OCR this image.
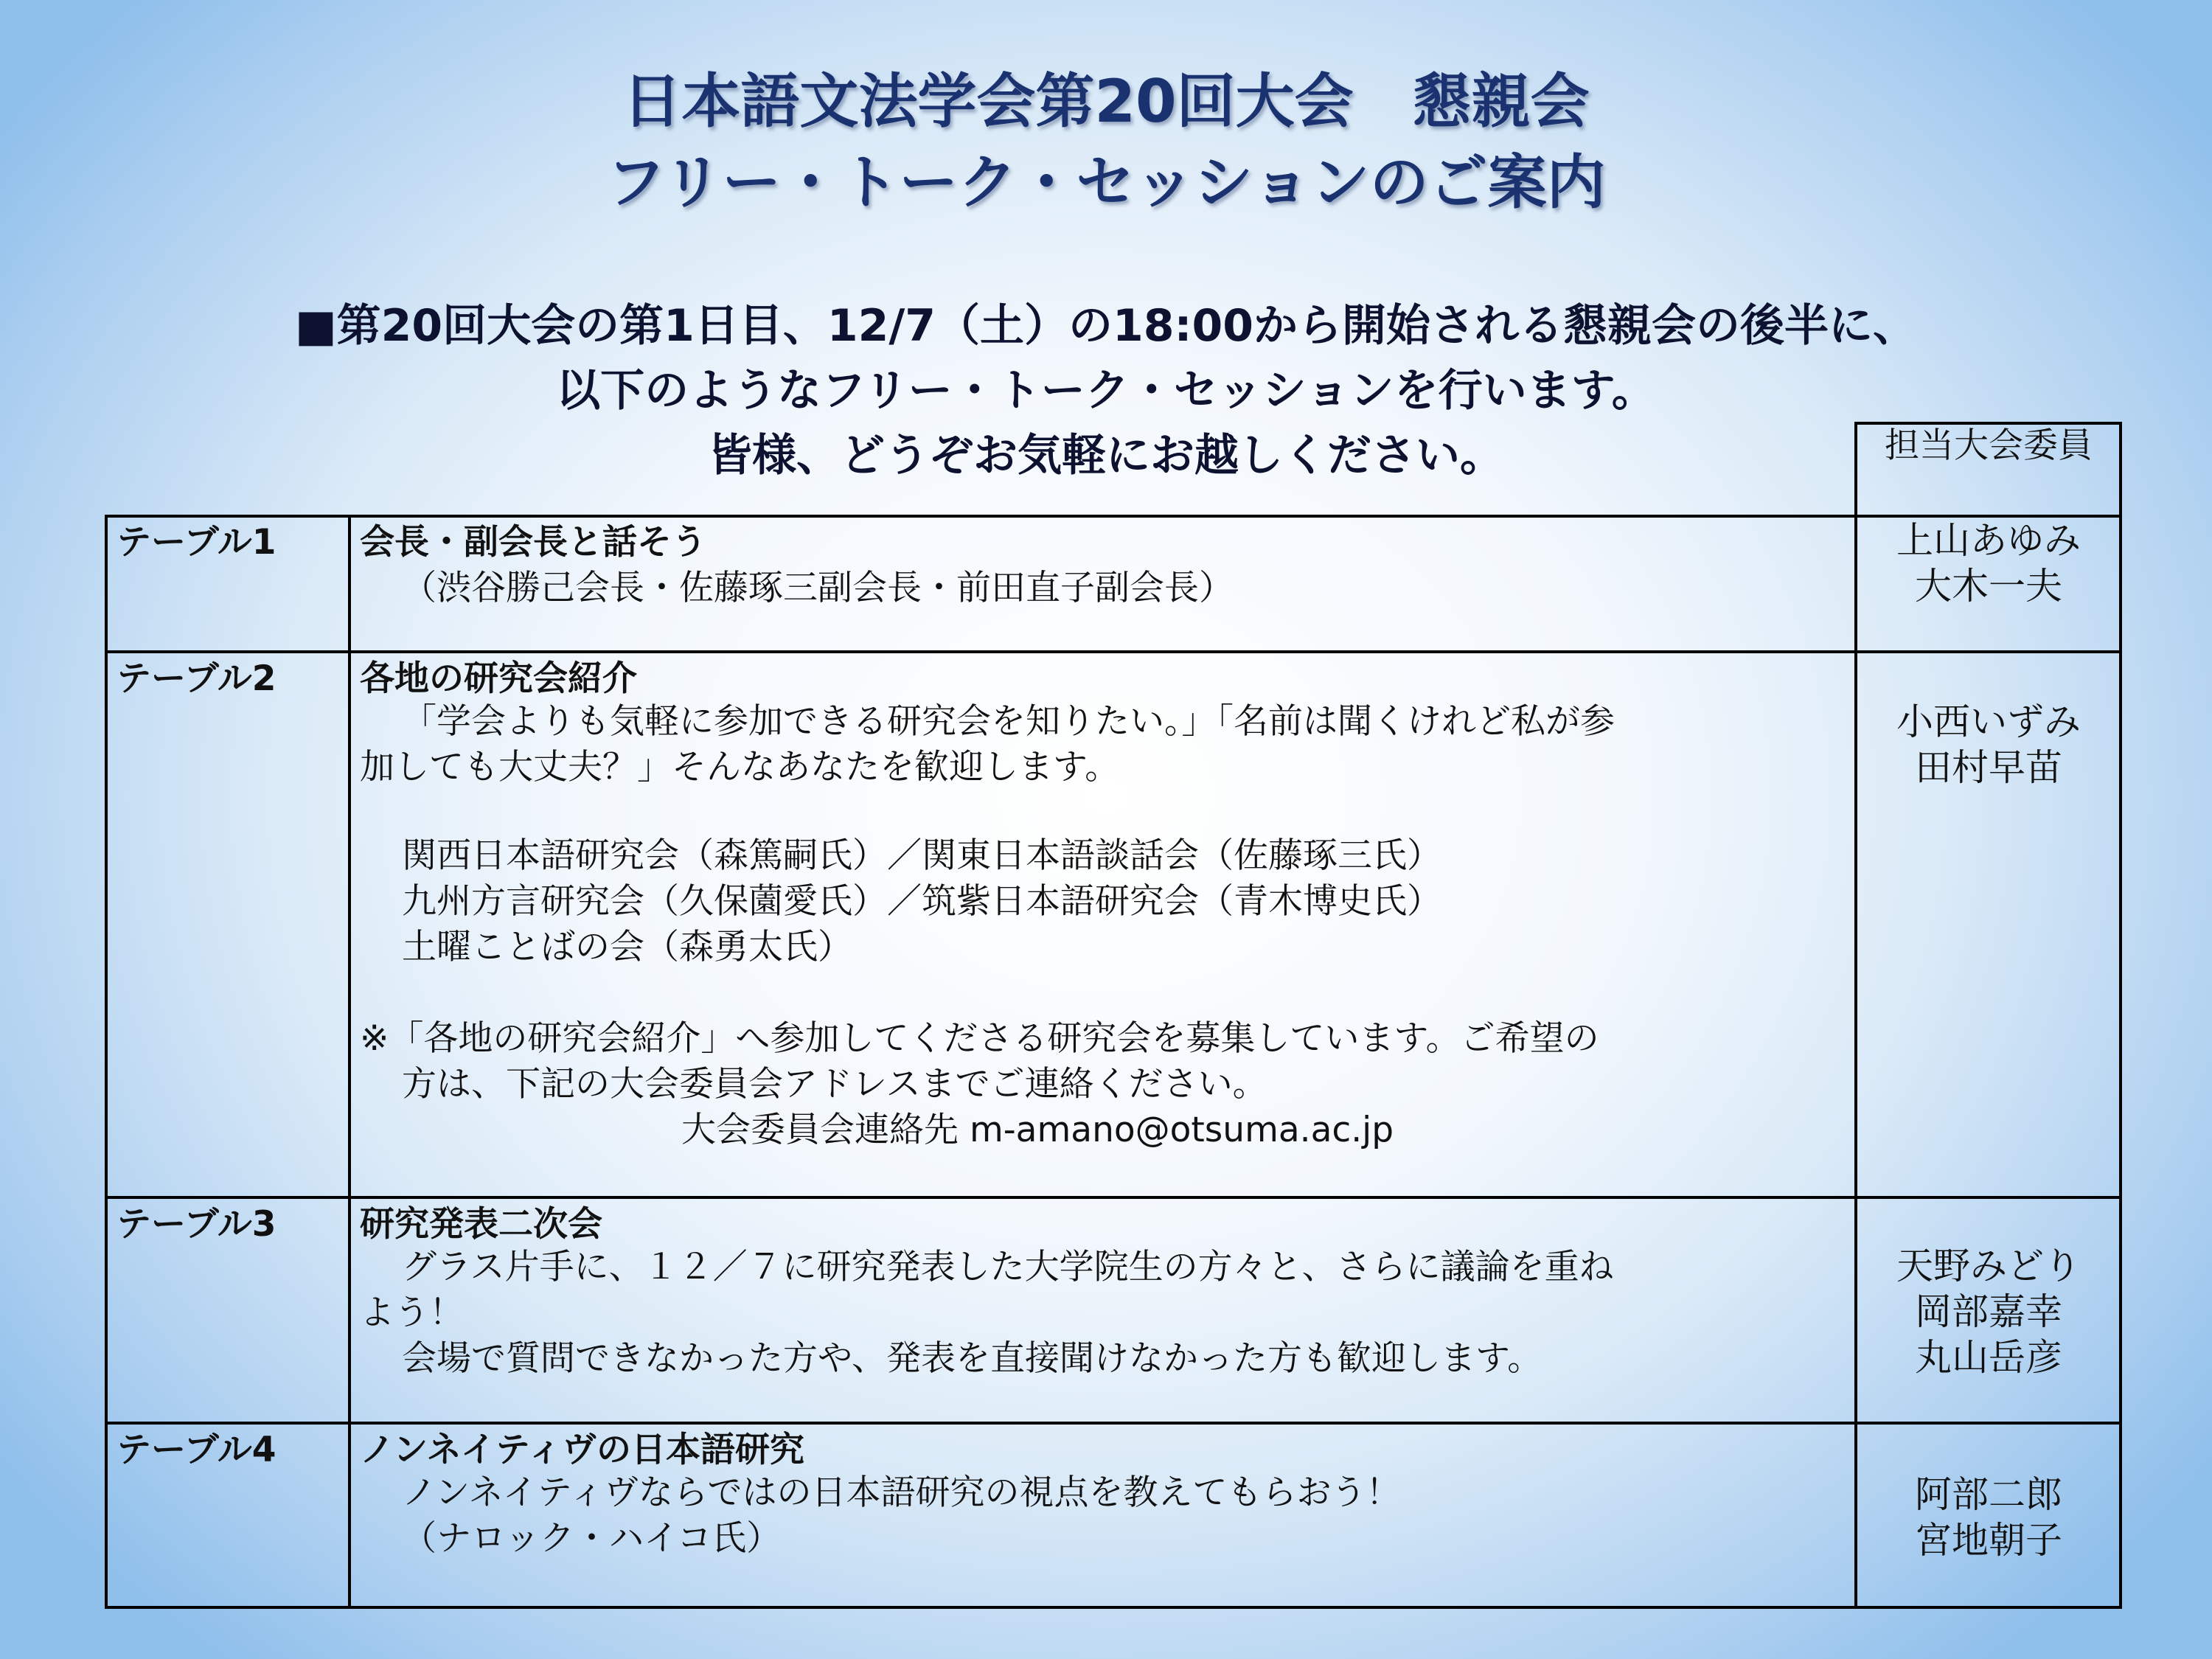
日本語文法学会第20回大会　懇親会
フリー・トーク・セッションのご案内
■第20回大会の第1日目、12/7（土）の18:00から開始される懇親会の後半に、
以下のようなフリー・トーク・セッションを行います。
皆様、どうぞお気軽にお越しください。	担当大会委員
テーブル1 会長・副会長と話そう
（渋谷勝己会長・佐藤琢三副会長・前田直子副会長）
上山あゆみ
大木一夫
テーブル2 各地の研究会紹介
「学会よりも気軽に参加できる研究会を知りたい。」「名前は聞くけれど私が参
加しても大丈夫？」そんなあなたを歓迎します。
関西日本語研究会（森篤嗣氏）／関東日本語談話会（佐藤琢三氏）
九州方言研究会（久保薗愛氏）／筑紫日本語研究会（青木博史氏）
土曜ことばの会（森勇太氏）
※「各地の研究会紹介」へ参加してくださる研究会を募集しています。ご希望の
方は、下記の大会委員会アドレスまでご連絡ください。
大会委員会連絡先 m-amano@otsuma.ac.jp
小西いずみ
田村早苗
テーブル3 研究発表二次会
グラス片手に、１２／７に研究発表した大学院生の方々と、さらに議論を重ね
よう！
会場で質問できなかった方や、発表を直接聞けなかった方も歓迎します。
天野みどり
岡部嘉幸
丸山岳彦
テーブル4 ノンネイティヴの日本語研究
ノンネイティヴならではの日本語研究の視点を教えてもらおう！
（ナロック・ハイコ氏）
阿部二郎
宮地朝子
